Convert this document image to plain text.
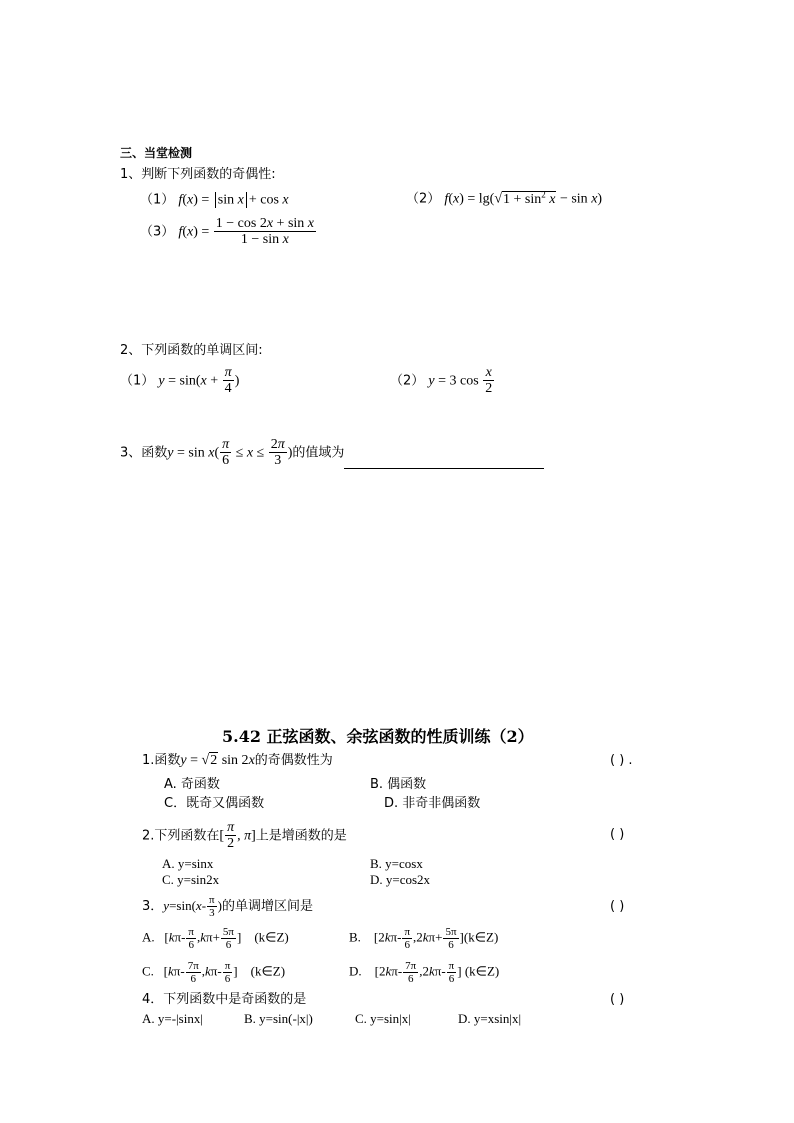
三、当堂检测
1、判断下列函数的奇偶性:
（1） f(x) = sin x + cos x	（2） $f(x) = \lg(√1 + \sin^2 x - \sin x)$
（3） $f(x) = \frac{\text{1 − cos 2x + sin x}}{\text{1 − sin x}}$
2、下列函数的单调区间:
（1） $y = \sin(x + \frac{\pi}{4}$ )	（2） y = 3 $\cos \frac{x}{2}$
3、函数$y = \sin x( \frac{\pi}{6} \le x \le \frac{2\pi}{3}$ )的值域为
5.42 正弦函数、余弦函数的性质训练（2）
1.函数y = √2 sin 2x的奇偶数性为	( ) .
A. 奇函数	B. 偶函数
C．既奇又偶函数	D. 非奇非偶函数
2.下列函数在[ $\frac{\pi}{2}$ , π]上是增函数的是	( )
A. y=sinx	B. y=cosx
C. y=sin2x	D. y=cos2x
3．$y=\sin(x- \frac{\pi}{3}$ )的单调增区间是	( )
A.   [$k\pi- \frac{\pi}{6} ,k\pi+ \frac{5\pi}{6}$ ]    (k∈Z)	B.    [$2k\pi- \frac{\pi}{6} ,2k\pi+ \frac{5\pi}{6}$ ](k∈Z)
C.   [$k\pi- \frac{7\pi}{6} ,k\pi- \frac{\pi}{6}$ ]    (k∈Z)	D.    [$2k\pi- \frac{7\pi}{6} ,2k\pi- \frac{\pi}{6}$ ] (k∈Z)
4．下列函数中是奇函数的是	( )
A. y=-|sinx|	B. y=sin(-|x|)	C. y=sin|x|	D. y=xsin|x|
